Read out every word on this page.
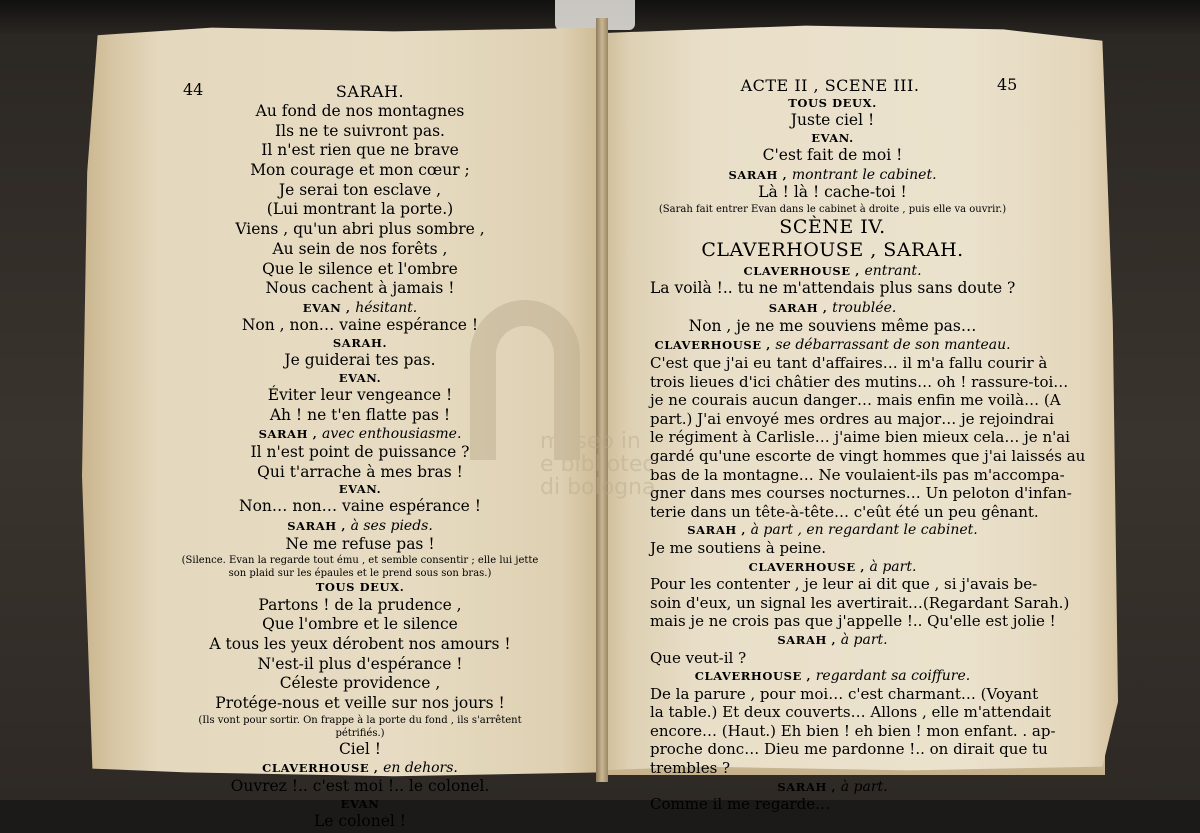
44	SARAH.	ACTE II , SCENE III.	45
Au fond de nos montagnes
Ils ne te suivront pas.
Il n'est rien que ne brave
Mon courage et mon cœur ;
Je serai ton esclave ,
(Lui montrant la porte.)
Viens , qu'un abri plus sombre ,
Au sein de nos forêts ,
Que le silence et l'ombre
Nous cachent à jamais !
EVAN , hésitant.
Non , non… vaine espérance !
SARAH.
Je guiderai tes pas.
EVAN.
Éviter leur vengeance !
Ah ! ne t'en flatte pas !
SARAH , avec enthousiasme.
Il n'est point de puissance ?
Qui t'arrache à mes bras !
EVAN.
Non… non… vaine espérance !
SARAH , à ses pieds.
Ne me refuse pas !
(Silence. Evan la regarde tout ému , et semble consentir ; elle lui jette
son plaid sur les épaules et le prend sous son bras.)
TOUS DEUX.
Partons ! de la prudence ,
Que l'ombre et le silence
A tous les yeux dérobent nos amours !
N'est-il plus d'espérance !
Céleste providence ,
Protége-nous et veille sur nos jours !
(Ils vont pour sortir. On frappe à la porte du fond , ils s'arrêtent
pétrifiés.)
Ciel !
CLAVERHOUSE , en dehors.
Ouvrez !.. c'est moi !.. le colonel.
EVAN
Le colonel !
TOUS DEUX.
Juste ciel !
EVAN.
C'est fait de moi !
SARAH , montrant le cabinet.
Là ! là ! cache-toi !
(Sarah fait entrer Evan dans le cabinet à droite , puis elle va ouvrir.)
SCÈNE IV.
CLAVERHOUSE , SARAH.
CLAVERHOUSE , entrant.
La voilà !.. tu ne m'attendais plus sans doute ?
SARAH , troublée.
Non , je ne me souviens même pas…
CLAVERHOUSE , se débarrassant de son manteau.
C'est que j'ai eu tant d'affaires… il m'a fallu courir à
trois lieues d'ici châtier des mutins… oh ! rassure-toi…
je ne courais aucun danger… mais enfin me voilà… (A
part.) J'ai envoyé mes ordres au major… je rejoindrai
le régiment à Carlisle… j'aime bien mieux cela… je n'ai
gardé qu'une escorte de vingt hommes que j'ai laissés au
bas de la montagne… Ne voulaient-ils pas m'accompa-
gner dans mes courses nocturnes… Un peloton d'infan-
terie dans un tête-à-tête… c'eût été un peu gênant.
SARAH , à part , en regardant le cabinet.
Je me soutiens à peine.
CLAVERHOUSE , à part.
Pour les contenter , je leur ai dit que , si j'avais be-
soin d'eux, un signal les avertirait…(Regardant Sarah.)
mais je ne crois pas que j'appelle !.. Qu'elle est jolie !
SARAH , à part.
Que veut-il ?
CLAVERHOUSE , regardant sa coiffure.
De la parure , pour moi… c'est charmant… (Voyant
la table.) Et deux couverts… Allons , elle m'attendait
encore… (Haut.) Eh bien ! eh bien ! mon enfant. . ap-
proche donc… Dieu me pardonne !.. on dirait que tu
trembles ?
SARAH , à part.
Comme il me regarde…
museo in
e bibliotec
di bologna
